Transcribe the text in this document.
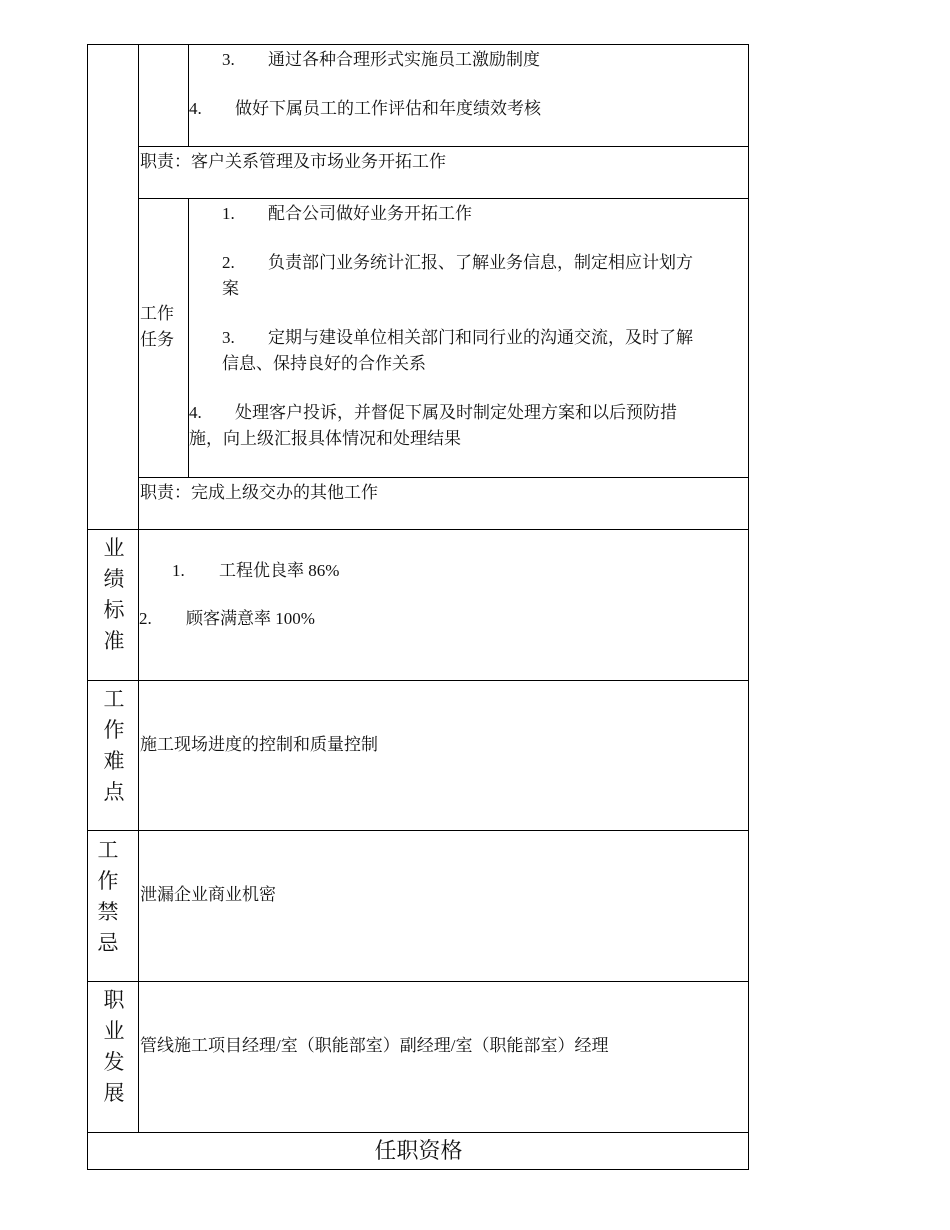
3. 通过各种合理形式实施员工激励制度
4. 做好下属员工的工作评估和年度绩效考核
职责：客户关系管理及市场业务开拓工作
工作
任务
1. 配合公司做好业务开拓工作
2. 负责部门业务统计汇报、了解业务信息，制定相应计划方
案
3. 定期与建设单位相关部门和同行业的沟通交流，及时了解
信息、保持良好的合作关系
4. 处理客户投诉，并督促下属及时制定处理方案和以后预防措
施，向上级汇报具体情况和处理结果
职责：完成上级交办的其他工作
业
绩
标
准
1. 工程优良率 86%
2. 顾客满意率 100%
工
作
难
点
施工现场进度的控制和质量控制
工
作
禁
忌
泄漏企业商业机密
职
业
发
展
管线施工项目经理/室（职能部室）副经理/室（职能部室）经理
任职资格
